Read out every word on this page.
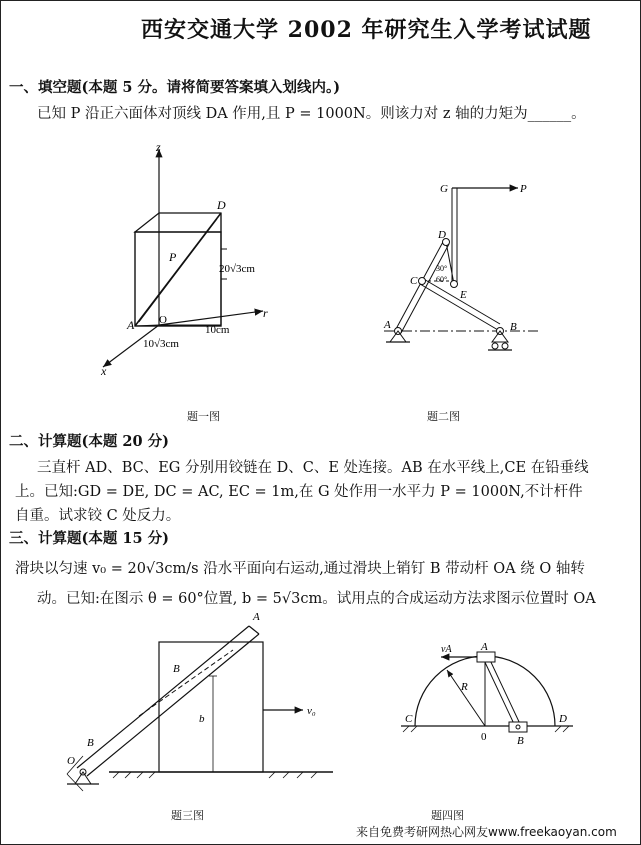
西安交通大学 2002 年研究生入学考试试题
一、填空题(本题 5 分。请将简要答案填入划线内。)
已知 P 沿正六面体对顶线 DA 作用,且 P = 1000N。则该力对 z 轴的力矩为______。
z
D
P
20√3cm
A O	r
10cm
10√3cm
x
题一图
G	P
D
C
30°
60°
E
A	B
题二图
二、计算题(本题 20 分)
三直杆 AD、BC、EG 分别用铰链在 D、C、E 处连接。AB 在水平线上,CE 在铅垂线
上。已知:GD = DE, DC = AC, EC = 1m,在 G 处作用一水平力 P = 1000N,不计杆件
自重。试求铰 C 处反力。
三、计算题(本题 15 分)
滑块以匀速 v₀ = 20√3cm/s 沿水平面向右运动,通过滑块上销钉 B 带动杆 OA 绕 O 轴转
动。已知:在图示 θ = 60°位置, b = 5√3cm。试用点的合成运动方法求图示位置时 OA
A
B
b
v₀
B
O
题三图
vA	A
R
C	D
0	B
题四图
来自免费考研网热心网友www.freekaoyan.com
